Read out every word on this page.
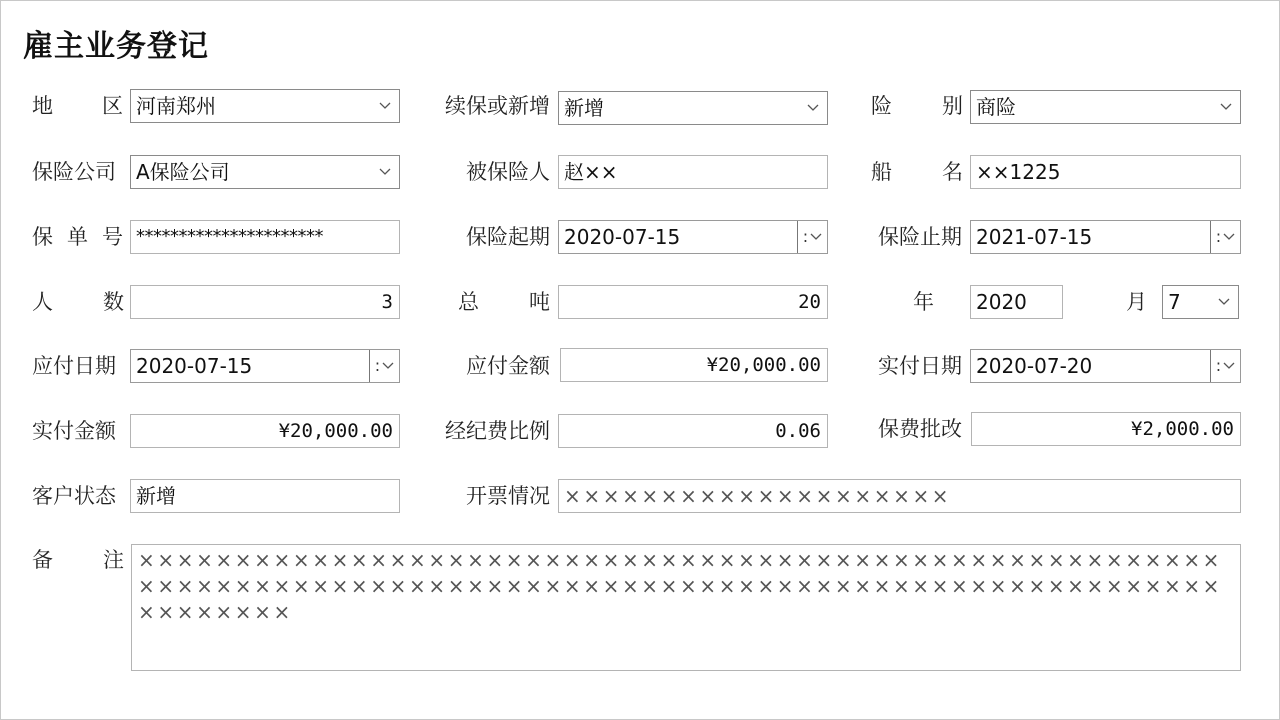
雇主业务登记
地 区 河南郑州	续保或新增 新增	险 别 商险
保险公司	A保险公司	被保险人 赵××	船 名 ××1225
保 单 号 **********************	保险起期 2020-07-15	:	保险止期 2021-07-15	:
人 数	3	总 吨	20	年	2020	月	7
应付日期	2020-07-15	:	应付金额	¥20,000.00	实付日期 2020-07-20	:
实付金额	¥20,000.00	经纪费比例	0.06	保费批改	¥2,000.00
客户状态	新增	开票情况 ××××××××××××××××××××
备 注 ××××××××××××××××××××××××××××××××××××××××××××××××××××××××××××××××××××××××××××××××××××××××××××××××××××××××××××××××××××××××
